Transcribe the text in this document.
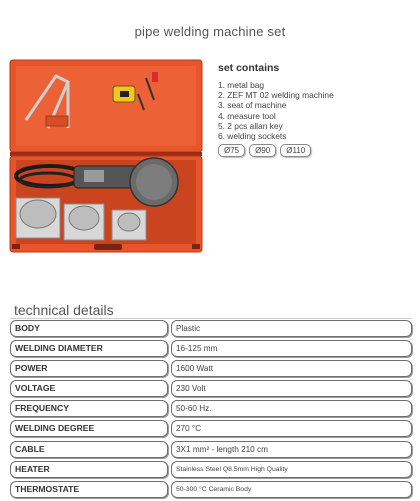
pipe welding machine set
set contains
1. metal bag
2. ZEF MT 02 welding machine
3. seat of machine
4. measure tool
5. 2 pcs allan key
6. welding sockets
Ø75	Ø90	Ø110
technical details
BODY	Plastic
WELDING DIAMETER	16-125 mm
POWER	1600 Watt
VOLTAGE	230 Volt
FREQUENCY	50-60 Hz.
WELDING DEGREE	270 °C
CABLE	3X1 mm² - length 210 cm
HEATER	Stainless Steel Q8.5mm High Quality
THERMOSTATE	50-300 °C Ceramic Body
